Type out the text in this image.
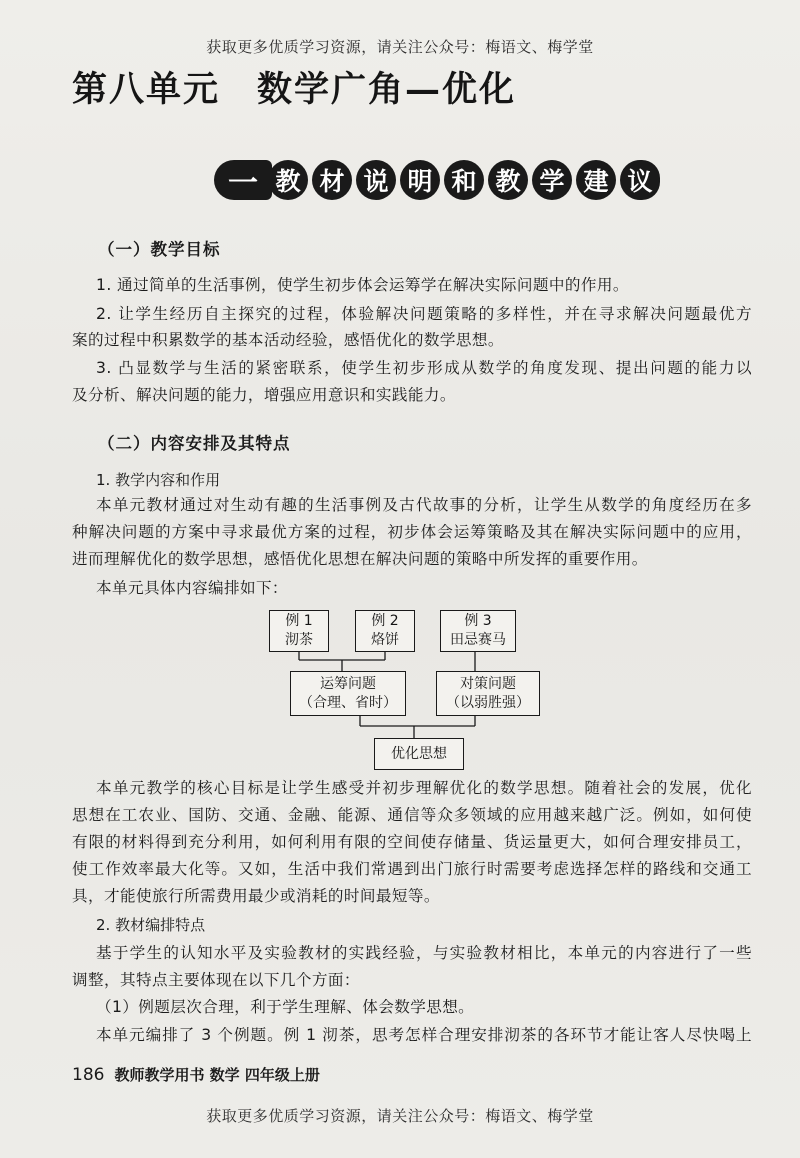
获取更多优质学习资源，请关注公众号：梅语文、梅学堂
第八单元　数学广角—优化
一 教 材 说 明 和 教 学 建 议
（一）教学目标
1. 通过简单的生活事例，使学生初步体会运筹学在解决实际问题中的作用。
2. 让学生经历自主探究的过程，体验解决问题策略的多样性，并在寻求解决问题最优方
案的过程中积累数学的基本活动经验，感悟优化的数学思想。
3. 凸显数学与生活的紧密联系，使学生初步形成从数学的角度发现、提出问题的能力以
及分析、解决问题的能力，增强应用意识和实践能力。
（二）内容安排及其特点
1. 教学内容和作用
本单元教材通过对生动有趣的生活事例及古代故事的分析，让学生从数学的角度经历在多
种解决问题的方案中寻求最优方案的过程，初步体会运筹策略及其在解决实际问题中的应用，
进而理解优化的数学思想，感悟优化思想在解决问题的策略中所发挥的重要作用。
本单元具体内容编排如下：
例 1
沏茶
例 2
烙饼
例 3
田忌赛马
运筹问题
（合理、省时）
对策问题
（以弱胜强）
优化思想
本单元教学的核心目标是让学生感受并初步理解优化的数学思想。随着社会的发展，优化
思想在工农业、国防、交通、金融、能源、通信等众多领域的应用越来越广泛。例如，如何使
有限的材料得到充分利用，如何利用有限的空间使存储量、货运量更大，如何合理安排员工，
使工作效率最大化等。又如，生活中我们常遇到出门旅行时需要考虑选择怎样的路线和交通工
具，才能使旅行所需费用最少或消耗的时间最短等。
2. 教材编排特点
基于学生的认知水平及实验教材的实践经验，与实验教材相比，本单元的内容进行了一些
调整，其特点主要体现在以下几个方面：
（1）例题层次合理，利于学生理解、体会数学思想。
本单元编排了 3 个例题。例 1 沏茶，思考怎样合理安排沏茶的各环节才能让客人尽快喝上
186 教师教学用书 数学 四年级上册
获取更多优质学习资源，请关注公众号：梅语文、梅学堂
